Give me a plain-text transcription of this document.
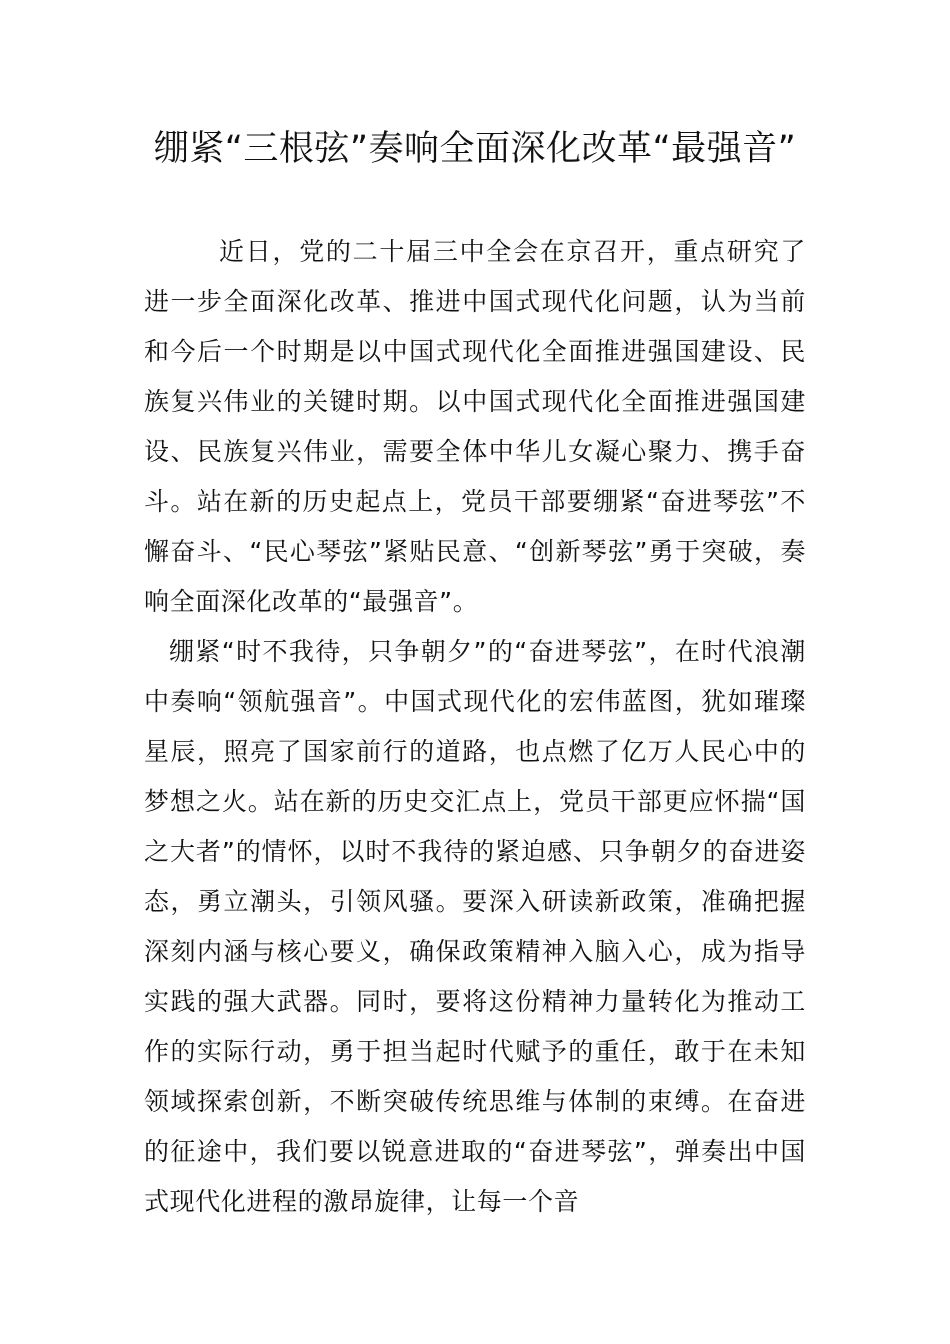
绷紧“三根弦”奏响全面深化改革“最强音”

近日，党的二十届三中全会在京召开，重点研究了进一步全面深化改革、推进中国式现代化问题，认为当前和今后一个时期是以中国式现代化全面推进强国建设、民族复兴伟业的关键时期。以中国式现代化全面推进强国建设、民族复兴伟业，需要全体中华儿女凝心聚力、携手奋斗。站在新的历史起点上，党员干部要绷紧“奋进琴弦”不懈奋斗、“民心琴弦”紧贴民意、“创新琴弦”勇于突破，奏响全面深化改革的“最强音”。

绷紧“时不我待，只争朝夕”的“奋进琴弦”，在时代浪潮中奏响“领航强音”。中国式现代化的宏伟蓝图，犹如璀璨星辰，照亮了国家前行的道路，也点燃了亿万人民心中的梦想之火。站在新的历史交汇点上，党员干部更应怀揣“国之大者”的情怀，以时不我待的紧迫感、只争朝夕的奋进姿态，勇立潮头，引领风骚。要深入研读新政策，准确把握深刻内涵与核心要义，确保政策精神入脑入心，成为指导实践的强大武器。同时，要将这份精神力量转化为推动工作的实际行动，勇于担当起时代赋予的重任，敢于在未知领域探索创新，不断突破传统思维与体制的束缚。在奋进的征途中，我们要以锐意进取的“奋进琴弦”，弹奏出中国式现代化进程的激昂旋律，让每一个音
